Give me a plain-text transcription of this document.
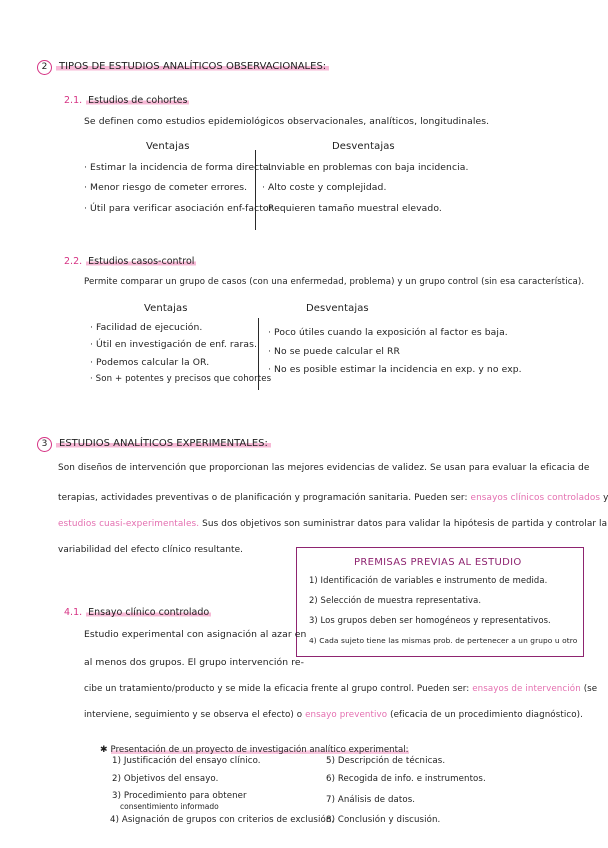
2 TIPOS DE ESTUDIOS ANALÍTICOS OBSERVACIONALES:
2.1. Estudios de cohortes
Se definen como estudios epidemiológicos observacionales, analíticos, longitudinales.
Ventajas	Desventajas
· Estimar la incidencia de forma directa.
· Menor riesgo de cometer errores.
· Útil para verificar asociación enf-factor.
· Inviable en problemas con baja incidencia.
· Alto coste y complejidad.
· Requieren tamaño muestral elevado.
2.2. Estudios casos-control
Permite comparar un grupo de casos (con una enfermedad, problema) y un grupo control (sin esa característica).
Ventajas	Desventajas
· Facilidad de ejecución.
· Útil en investigación de enf. raras.
· Podemos calcular la OR.
· Son + potentes y precisos que cohortes
· Poco útiles cuando la exposición al factor es baja.
· No se puede calcular el RR
· No es posible estimar la incidencia en exp. y no exp.
3 ESTUDIOS ANALÍTICOS EXPERIMENTALES:
Son diseños de intervención que proporcionan las mejores evidencias de validez. Se usan para evaluar la eficacia de
terapias, actividades preventivas o de planificación y programación sanitaria. Pueden ser: ensayos clínicos controlados y
estudios cuasi-experimentales. Sus dos objetivos son suministrar datos para validar la hipótesis de partida y controlar la
variabilidad del efecto clínico resultante.
PREMISAS PREVIAS AL ESTUDIO
1) Identificación de variables e instrumento de medida.
2) Selección de muestra representativa.
3) Los grupos deben ser homogéneos y representativos.
4) Cada sujeto tiene las mismas prob. de pertenecer a un grupo u otro
4.1. Ensayo clínico controlado
Estudio experimental con asignación al azar en
al menos dos grupos. El grupo intervención re-
cibe un tratamiento/producto y se mide la eficacia frente al grupo control. Pueden ser: ensayos de intervención (se
interviene, seguimiento y se observa el efecto) o ensayo preventivo (eficacia de un procedimiento diagnóstico).
✱ Presentación de un proyecto de investigación analítico experimental:
1) Justificación del ensayo clínico.
2) Objetivos del ensayo.
3) Procedimiento para obtener
consentimiento informado
4) Asignación de grupos con criterios de exclusión.
5) Descripción de técnicas.
6) Recogida de info. e instrumentos.
7) Análisis de datos.
8) Conclusión y discusión.
